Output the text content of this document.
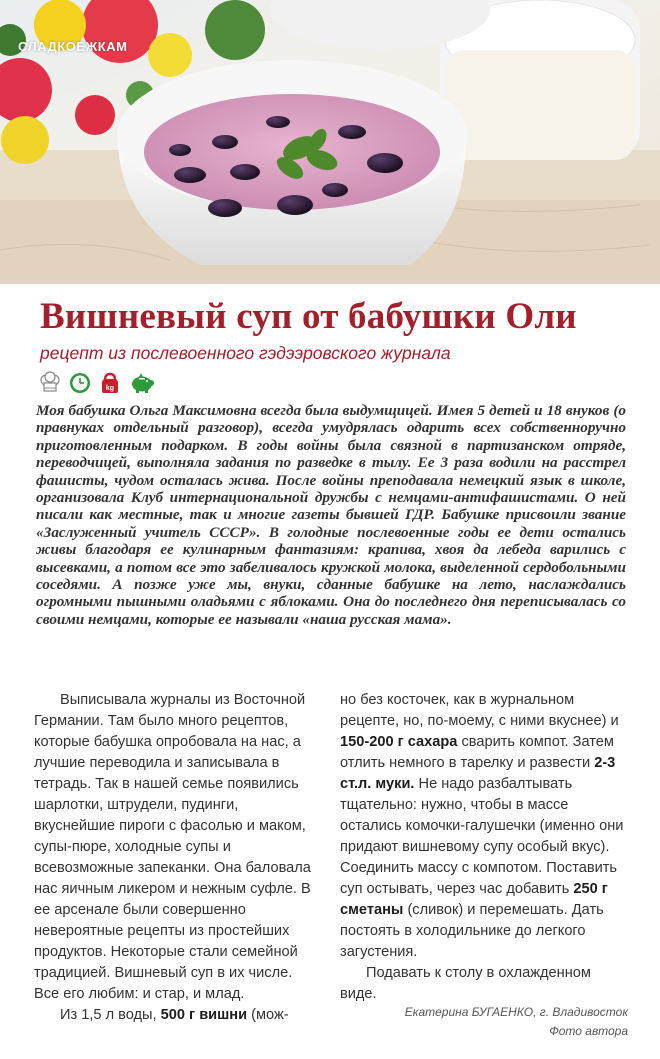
СЛАДКОЕЖКАМ
Вишневый суп от бабушки Оли
рецепт из послевоенного гэдээровского журнала
kg

Моя бабушка Ольга Максимовна всегда была выдумщицей. Имея 5 детей и 18 внуков (о правнуках отдельный разговор), всегда умудрялась одарить всех собственноручно приготовленным подарком. В годы войны была связной в партизанском отряде, переводчицей, выполняла задания по разведке в тылу. Ее 3 раза водили на расстрел фашисты, чудом осталась жива. После войны преподавала немецкий язык в школе, организовала Клуб интернациональной дружбы с немцами-антифашистами. О ней писали как местные, так и многие газеты бывшей ГДР. Бабушке присвоили звание «Заслуженный учитель СССР». В голодные послевоенные годы ее дети остались живы благодаря ее кулинарным фантазиям: крапива, хвоя да лебеда варились с высевками, а потом все это забеливалось кружкой молока, выделенной сердобольными соседями. А позже уже мы, внуки, сданные бабушке на лето, наслаждались огромными пышными оладьями с яблоками. Она до последнего дня переписывалась со своими немцами, которые ее называли «наша русская мама».

Выписывала журналы из Восточной Германии. Там было много рецептов, которые бабушка опробовала на нас, а лучшие переводила и записывала в тетрадь. Так в нашей семье появились шарлотки, штрудели, пудинги, вкуснейшие пироги с фасолью и маком, супы-пюре, холодные супы и всевозможные запеканки. Она баловала нас яичным ликером и нежным суфле. В ее арсенале были совершенно невероятные рецепты из простейших продуктов. Некоторые стали семейной традицией. Вишневый суп в их числе. Все его любим: и стар, и млад.

Из 1,5 л воды, 500 г вишни (мож-

но без косточек, как в журнальном рецепте, но, по-моему, с ними вкуснее) и 150-200 г сахара сварить компот. Затем отлить немного в тарелку и развести 2-3 ст.л. муки. Не надо разбалтывать тщательно: нужно, чтобы в массе остались комочки-галушечки (именно они придают вишневому супу особый вкус). Соединить массу с компотом. Поставить суп остывать, через час добавить 250 г сметаны (сливок) и перемешать. Дать постоять в холодильнике до легкого загустения.

Подавать к столу в охлажденном виде.

Екатерина БУГАЕНКО, г. Владивосток
Фото автора
